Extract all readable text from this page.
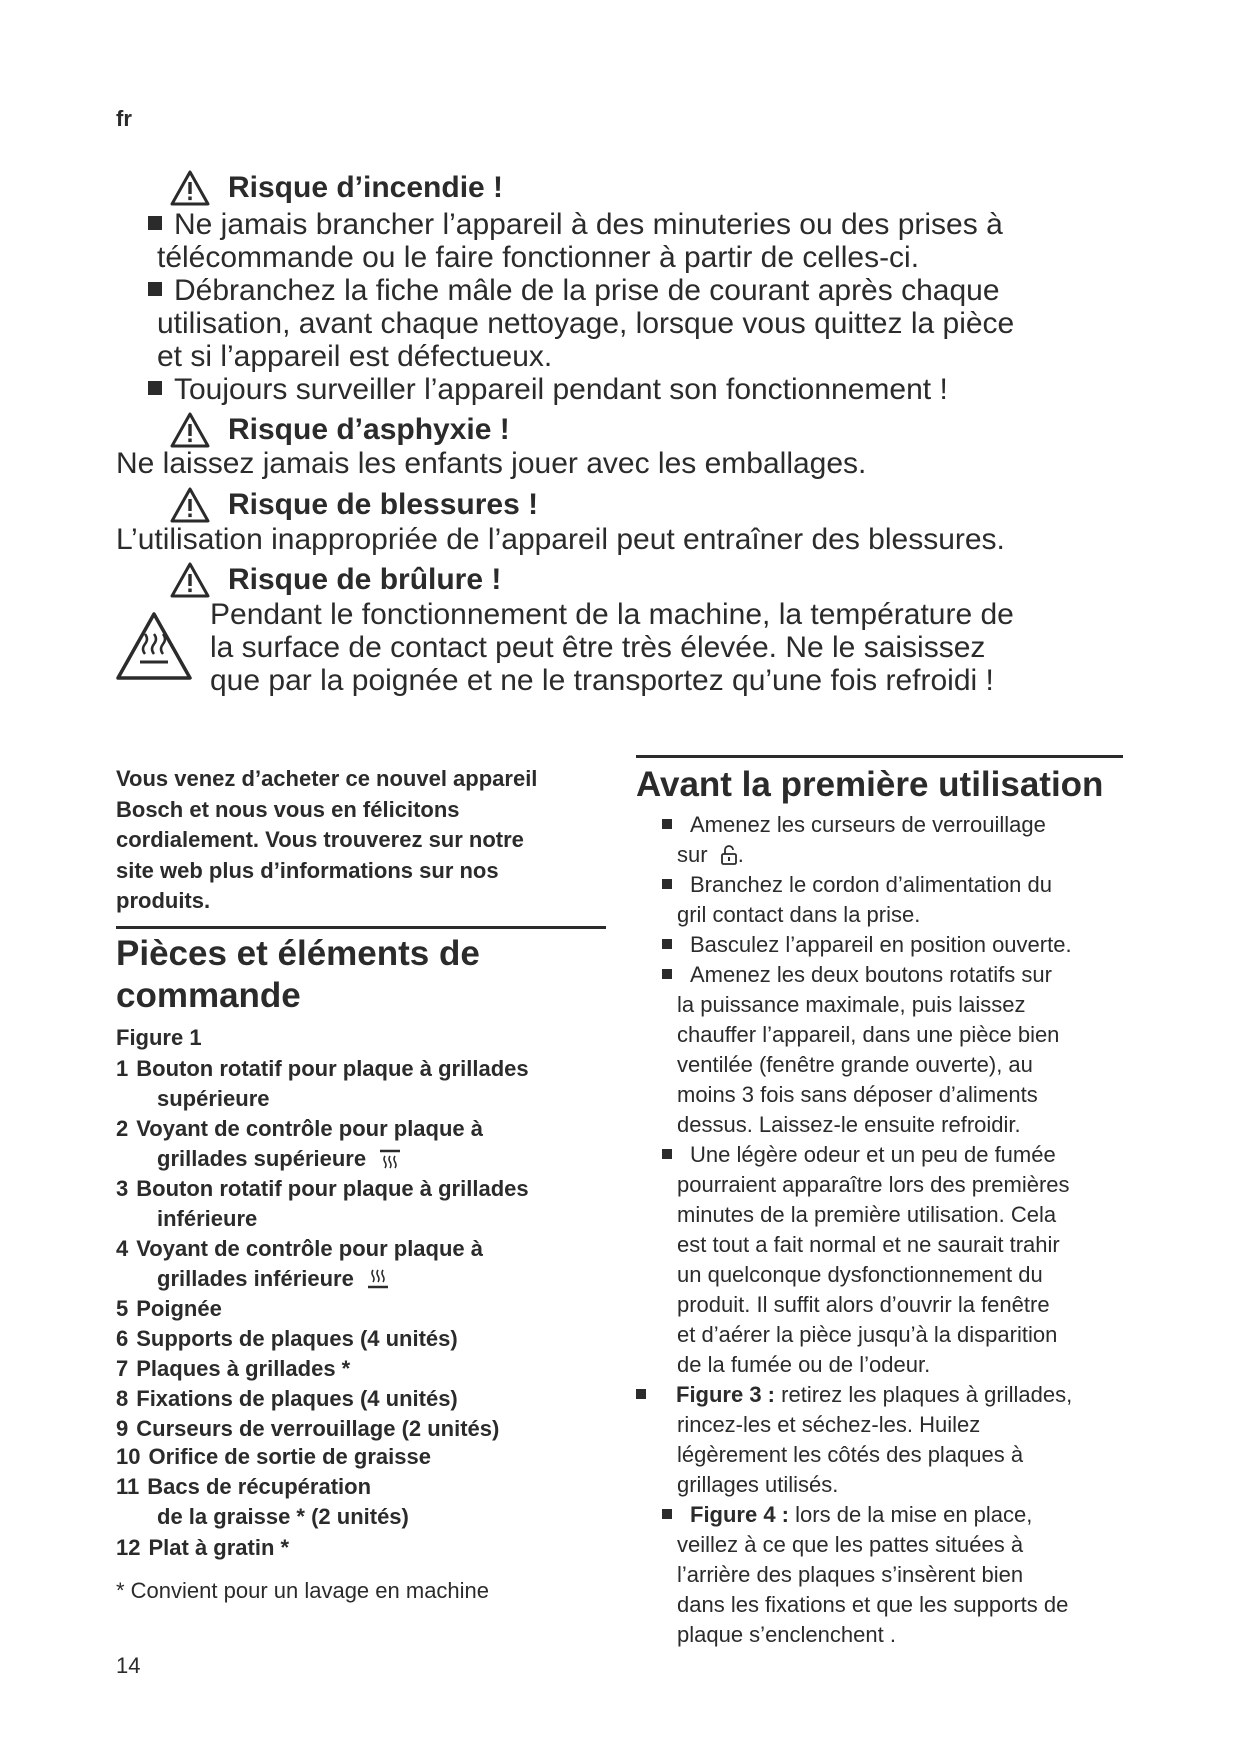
fr
Risque d’incendie !
Ne jamais brancher l’appareil à des minuteries ou des prises à
télécommande ou le faire fonctionner à partir de celles-ci.
Débranchez la fiche mâle de la prise de courant après chaque
utilisation, avant chaque nettoyage, lorsque vous quittez la pièce
et si l’appareil est défectueux.
Toujours surveiller l’appareil pendant son fonctionnement !
Risque d’asphyxie !
Ne laissez jamais les enfants jouer avec les emballages.
Risque de blessures !
L’utilisation inappropriée de l’appareil peut entraîner des blessures.
Risque de brûlure !
Pendant le fonctionnement de la machine, la température de
la surface de contact peut être très élevée. Ne le saisissez
que par la poignée et ne le transportez qu’une fois refroidi !
Vous venez d’acheter ce nouvel appareil
Bosch et nous vous en félicitons
cordialement. Vous trouverez sur notre
site web plus d’informations sur nos
produits.
Pièces et éléments de
commande
Figure 1
1 Bouton rotatif pour plaque à grillades
supérieure
2 Voyant de contrôle pour plaque à
grillades supérieure
3 Bouton rotatif pour plaque à grillades
inférieure
4 Voyant de contrôle pour plaque à
grillades inférieure
5 Poignée
6 Supports de plaques (4 unités)
7 Plaques à grillades *
8 Fixations de plaques (4 unités)
9 Curseurs de verrouillage (2 unités)
10 Orifice de sortie de graisse
11 Bacs de récupération
de la graisse * (2 unités)
12 Plat à gratin *
* Convient pour un lavage en machine
14
Avant la première utilisation
Amenez les curseurs de verrouillage
sur .
Branchez le cordon d’alimentation du
gril contact dans la prise.
Basculez l’appareil en position ouverte.
Amenez les deux boutons rotatifs sur
la puissance maximale, puis laissez
chauffer l’appareil, dans une pièce bien
ventilée (fenêtre grande ouverte), au
moins 3 fois sans déposer d’aliments
dessus. Laissez-le ensuite refroidir.
Une légère odeur et un peu de fumée
pourraient apparaître lors des premières
minutes de la première utilisation. Cela
est tout a fait normal et ne saurait trahir
un quelconque dysfonctionnement du
produit. Il suffit alors d’ouvrir la fenêtre
et d’aérer la pièce jusqu’à la disparition
de la fumée ou de l’odeur.
Figure 3 : retirez les plaques à grillades,
rincez-les et séchez-les. Huilez
légèrement les côtés des plaques à
grillages utilisés.
Figure 4 : lors de la mise en place,
veillez à ce que les pattes situées à
l’arrière des plaques s’insèrent bien
dans les fixations et que les supports de
plaque s’enclenchent .
